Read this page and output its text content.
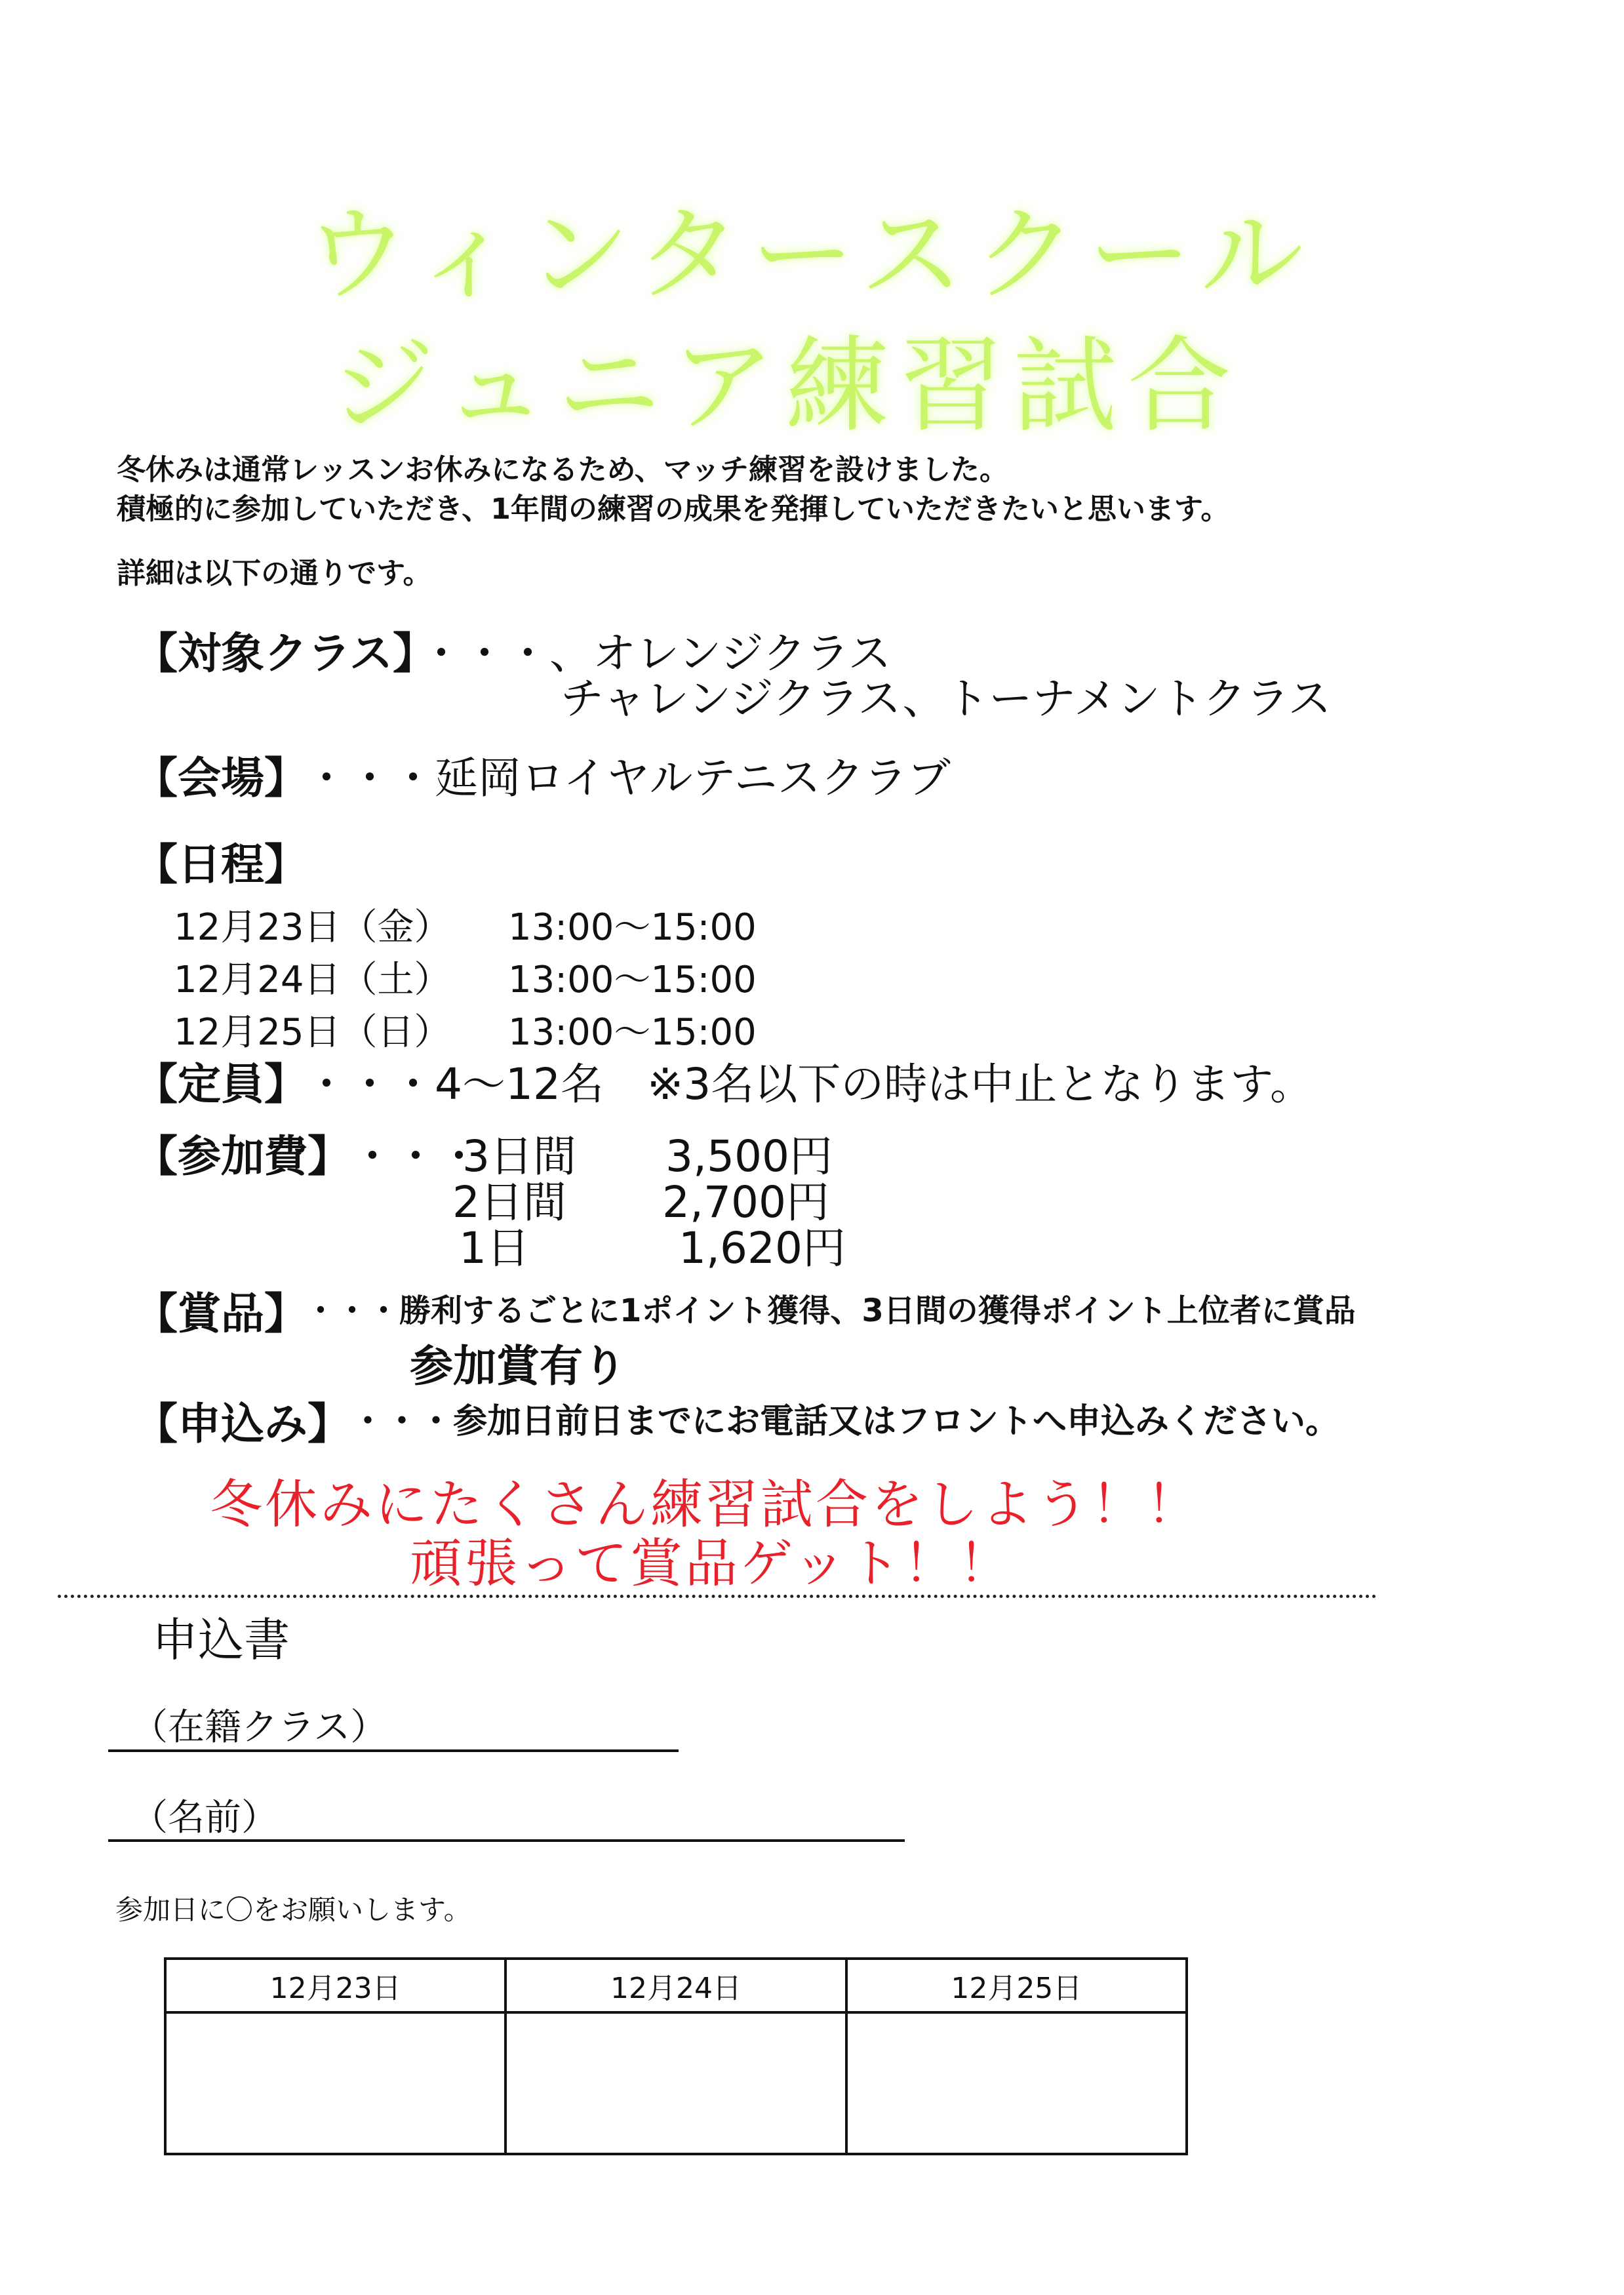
ウィンタースクール
ジュニア練習試合
冬休みは通常レッスンお休みになるため、マッチ練習を設けました。
積極的に参加していただき、1年間の練習の成果を発揮していただきたいと思います。
詳細は以下の通りです。
【対象クラス】
・・・、オレンジクラス
チャレンジクラス、トーナメントクラス
【会場】
・・・延岡ロイヤルテニスクラブ
【日程】
12月23日（金） 13:00〜15:00
12月24日（土） 13:00〜15:00
12月25日（日） 13:00〜15:00
【定員】
・・・4〜12名　※3名以下の時は中止となります。
【参加費】 ・・・
3日間 3,500円
2日間 2,700円
1日	1,620円
【賞品】
・・・勝利するごとに1ポイント獲得、3日間の獲得ポイント上位者に賞品
参加賞有り
【申込み】 ・・・参加日前日までにお電話又はフロントへ申込みください。
冬休みにたくさん練習試合をしよう！！
頑張って賞品ゲット！！
申込書
（在籍クラス）
（名前）
参加日に〇をお願いします。
12月23日	12月24日	12月25日
